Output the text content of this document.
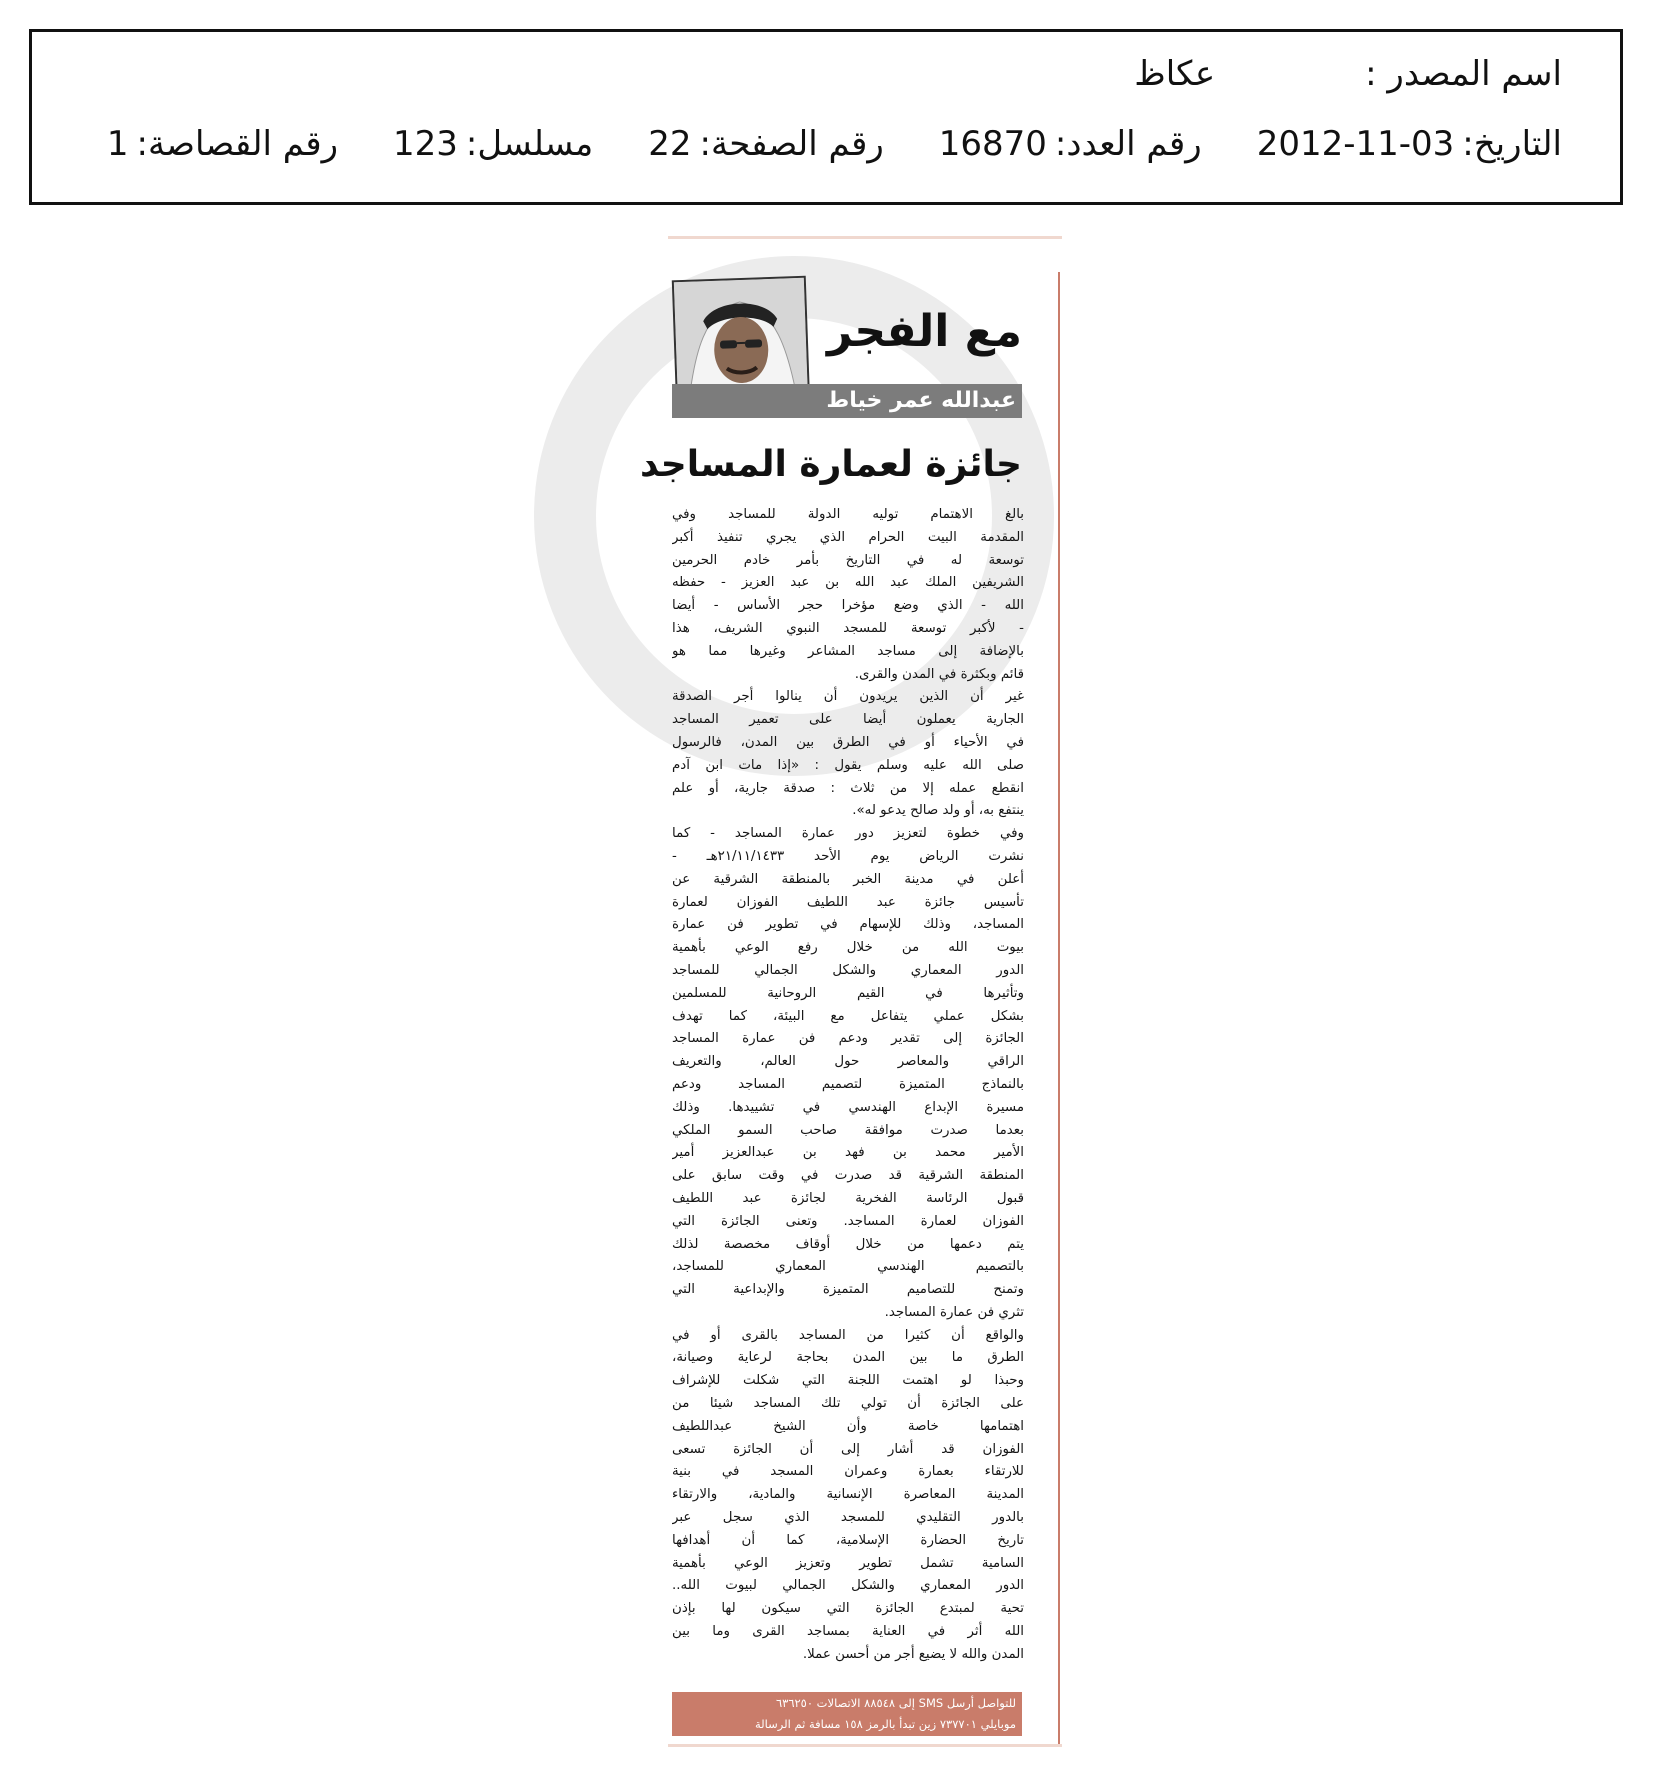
اسم المصدر :
عكاظ
التاريخ:
2012-11-03
رقم العدد:
16870
رقم الصفحة:
22
مسلسل:
123
رقم القصاصة:
1
مع الفجر
عبدالله عمر خياط
جائزة لعمارة المساجد
بالغ الاهتمام توليه الدولة للمساجد وفي
المقدمة البيت الحرام الذي يجري تنفيذ أكبر
توسعة له في التاريخ بأمر خادم الحرمين
الشريفين الملك عبد الله بن عبد العزيز - حفظه
الله - الذي وضع مؤخرا حجر الأساس - أيضا
- لأكبر توسعة للمسجد النبوي الشريف، هذا
بالإضافة إلى مساجد المشاعر وغيرها مما هو
قائم وبكثرة في المدن والقرى.
غير أن الذين يريدون أن ينالوا أجر الصدقة
الجارية يعملون أيضا على تعمير المساجد
في الأحياء أو في الطرق بين المدن، فالرسول
صلى الله عليه وسلم يقول : «إذا مات ابن آدم
انقطع عمله إلا من ثلاث : صدقة جارية، أو علم
ينتفع به، أو ولد صالح يدعو له».
وفي خطوة لتعزيز دور عمارة المساجد - كما
نشرت الرياض يوم الأحد ٢١/١١/١٤٣٣هـ -
أعلن في مدينة الخبر بالمنطقة الشرقية عن
تأسيس جائزة عبد اللطيف الفوزان لعمارة
المساجد، وذلك للإسهام في تطوير فن عمارة
بيوت الله من خلال رفع الوعي بأهمية
الدور المعماري والشكل الجمالي للمساجد
وتأثيرها في القيم الروحانية للمسلمين
بشكل عملي يتفاعل مع البيئة، كما تهدف
الجائزة إلى تقدير ودعم فن عمارة المساجد
الراقي والمعاصر حول العالم، والتعريف
بالنماذج المتميزة لتصميم المساجد ودعم
مسيرة الإبداع الهندسي في تشييدها. وذلك
بعدما صدرت موافقة صاحب السمو الملكي
الأمير محمد بن فهد بن عبدالعزيز أمير
المنطقة الشرقية قد صدرت في وقت سابق على
قبول الرئاسة الفخرية لجائزة عبد اللطيف
الفوزان لعمارة المساجد. وتعنى الجائزة التي
يتم دعمها من خلال أوقاف مخصصة لذلك
بالتصميم الهندسي المعماري للمساجد،
وتمنح للتصاميم المتميزة والإبداعية التي
تثري فن عمارة المساجد.
والواقع أن كثيرا من المساجد بالقرى أو في
الطرق ما بين المدن بحاجة لرعاية وصيانة،
وحبذا لو اهتمت اللجنة التي شكلت للإشراف
على الجائزة أن تولي تلك المساجد شيئا من
اهتمامها خاصة وأن الشيخ عبداللطيف
الفوزان قد أشار إلى أن الجائزة تسعى
للارتقاء بعمارة وعمران المسجد في بنية
المدينة المعاصرة الإنسانية والمادية، والارتقاء
بالدور التقليدي للمسجد الذي سجل عبر
تاريخ الحضارة الإسلامية، كما أن أهدافها
السامية تشمل تطوير وتعزيز الوعي بأهمية
الدور المعماري والشكل الجمالي لبيوت الله..
تحية لمبتدع الجائزة التي سيكون لها بإذن
الله أثر في العناية بمساجد القرى وما بين
المدن والله لا يضيع أجر من أحسن عملا.
للتواصل أرسل SMS إلى ٨٨٥٤٨ الاتصالات ٦٣٦٢٥٠
موبايلي ٧٣٧٧٠١ زين تبدأ بالرمز ١٥٨ مسافة ثم الرسالة
